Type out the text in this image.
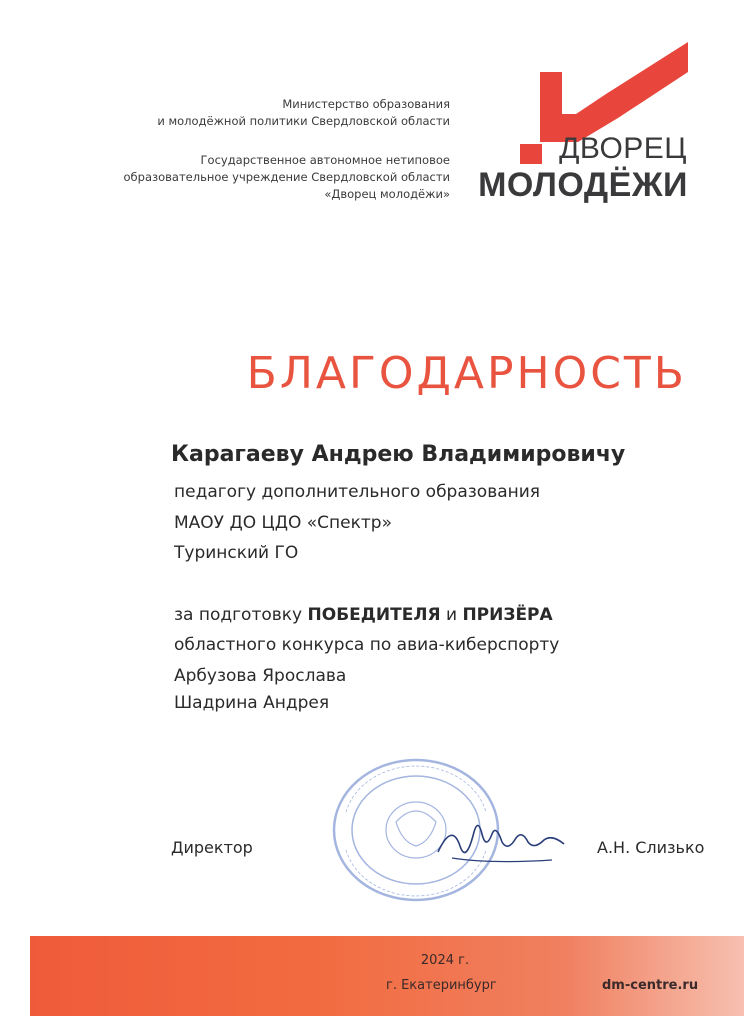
Министерство образования
и молодёжной политики Свердловской области
Государственное автономное нетиповое
образовательное учреждение Свердловской области
«Дворец молодёжи»
ДВОРЕЦ
МОЛОДЁЖИ
БЛАГОДАРНОСТЬ
Карагаеву Андрею Владимировичу
педагогу дополнительного образования
МАОУ ДО ЦДО «Спектр»
Туринский ГО
за подготовку ПОБЕДИТЕЛЯ и ПРИЗЁРА
областного конкурса по авиа-киберспорту
Арбузова Ярослава
Шадрина Андрея
Директор	А.Н. Слизько
2024 г.
г. Екатеринбург	dm-centre.ru
